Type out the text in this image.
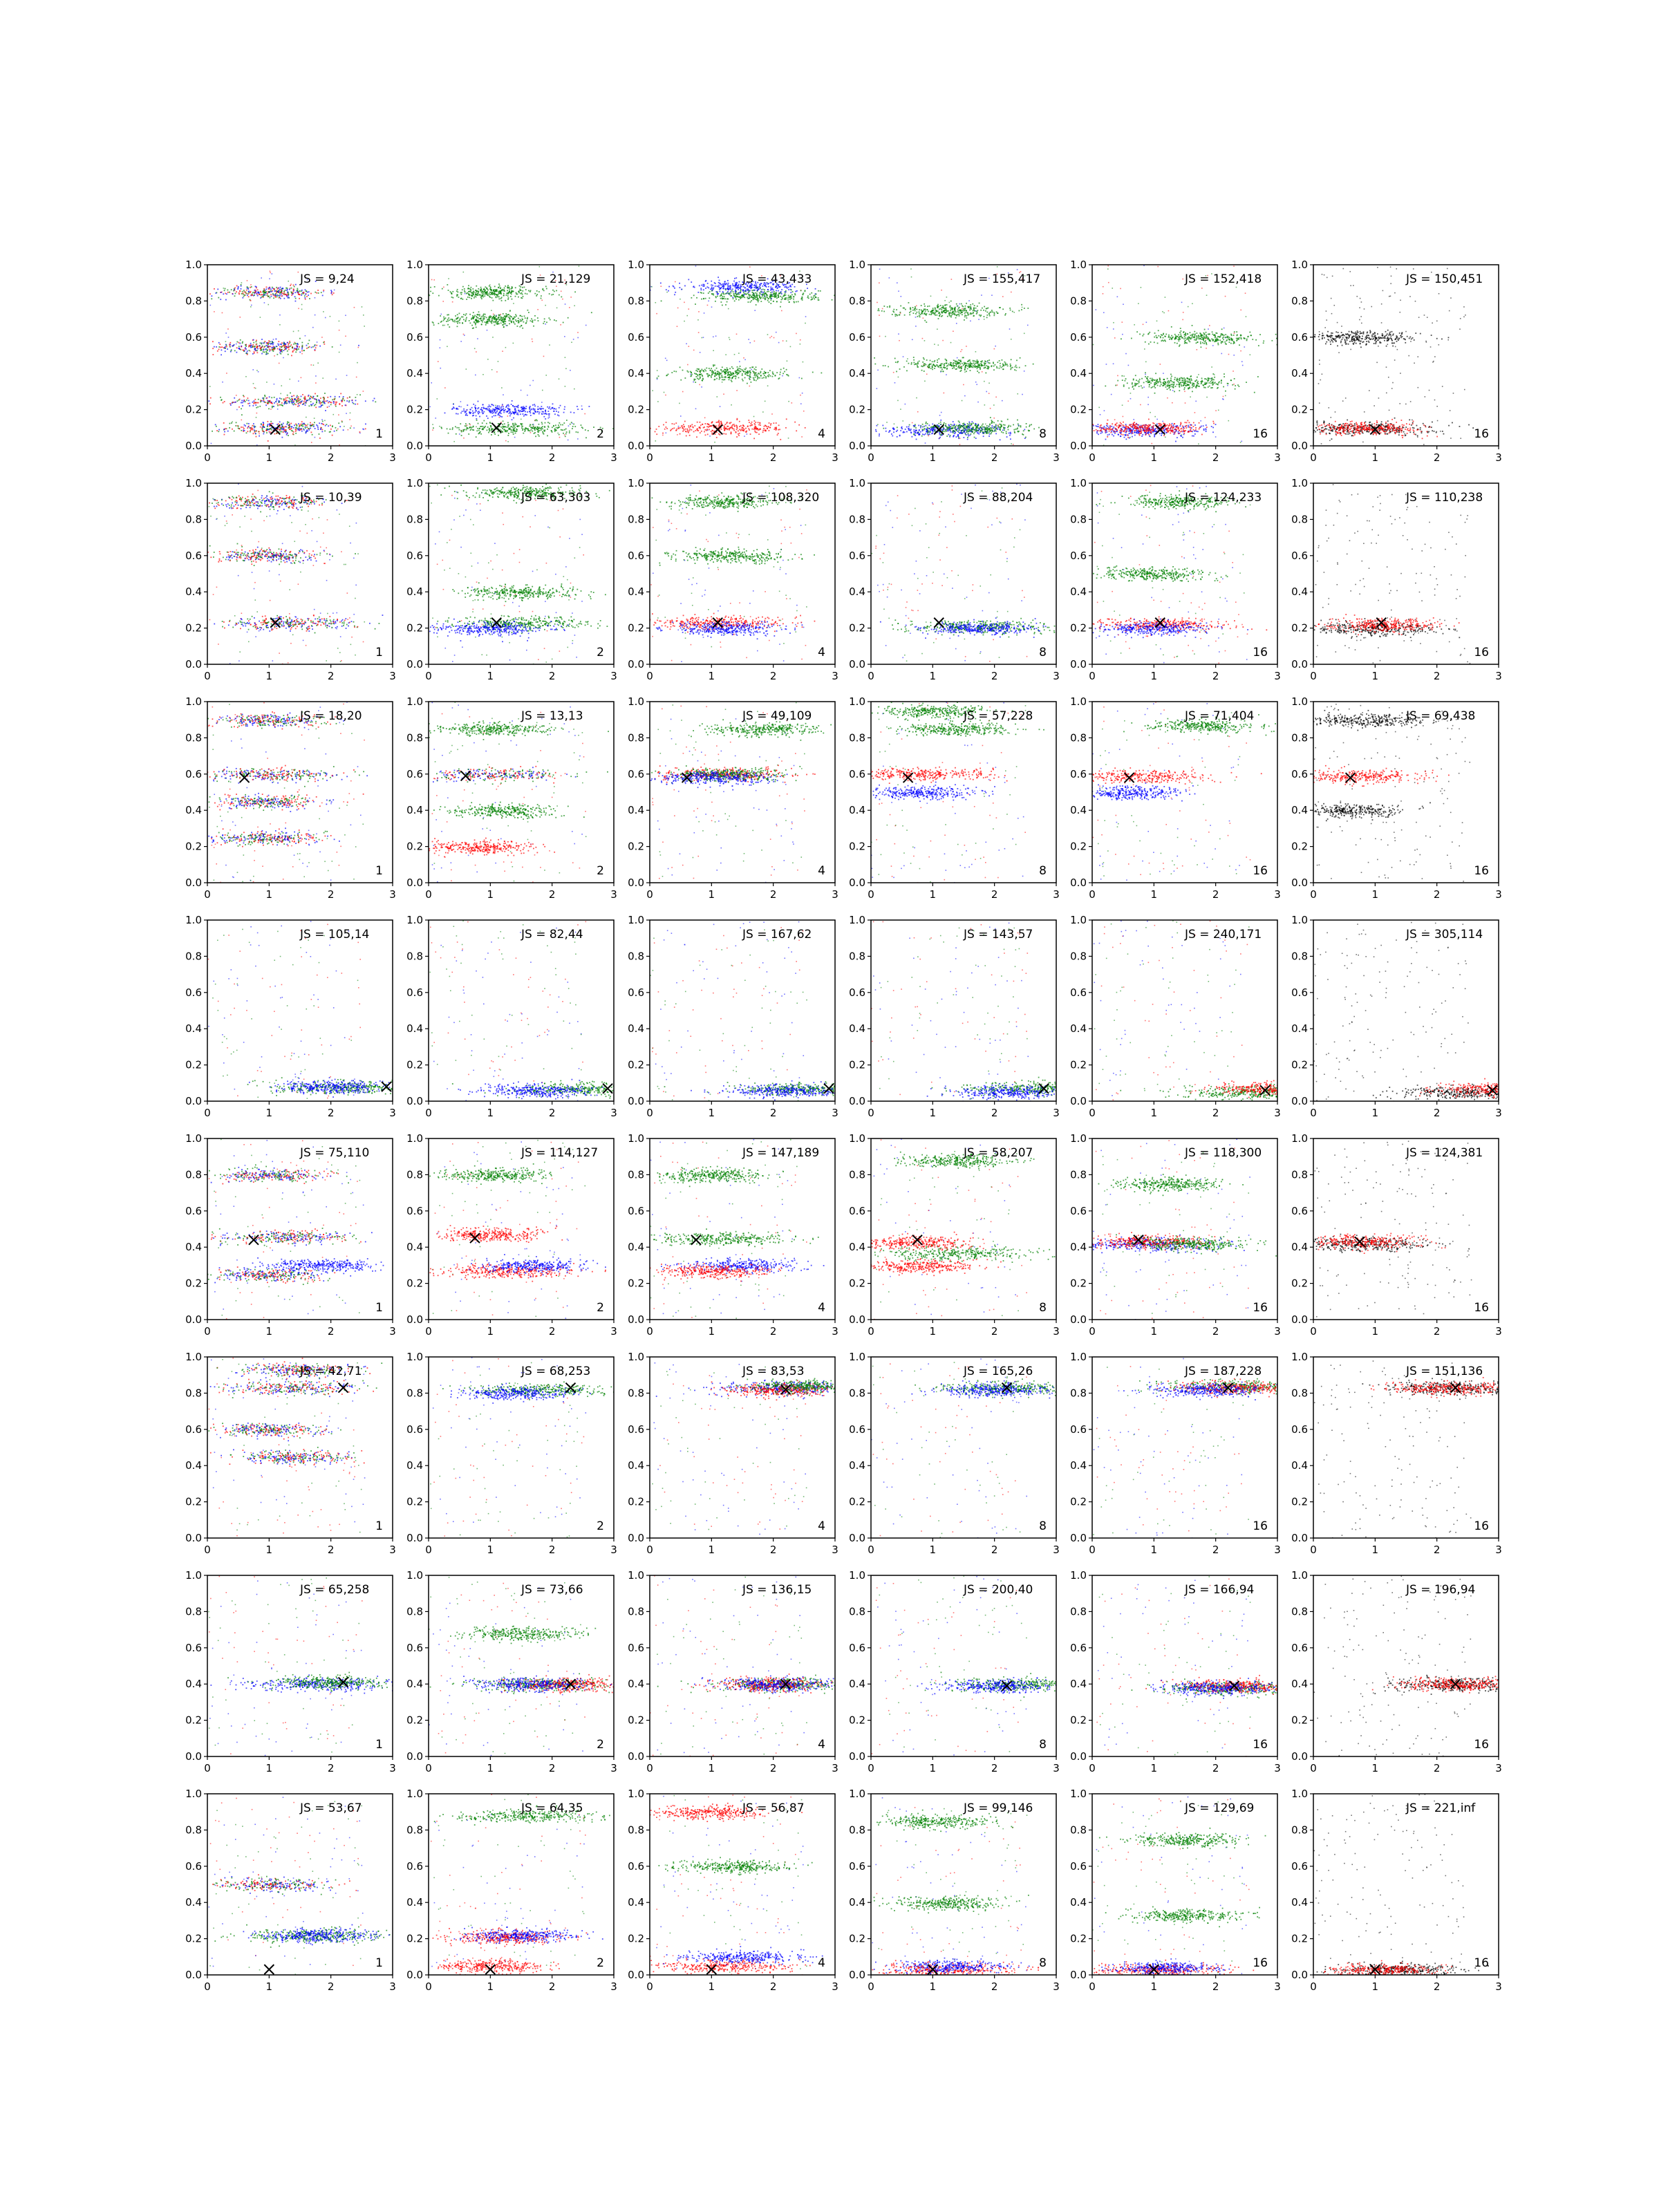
0	1	2	3
0.0
0.2
0.4
0.6
0.8
1.0
JS = 9,24
1
0	1	2	3
0.0
0.2
0.4
0.6
0.8
1.0
JS = 21,129
2
0	1	2	3
0.0
0.2
0.4
0.6
0.8
1.0
JS = 43,433
4
0	1	2	3
0.0
0.2
0.4
0.6
0.8
1.0
JS = 155,417
8
0	1	2	3
0.0
0.2
0.4
0.6
0.8
1.0
JS = 152,418
16
0	1	2	3
0.0
0.2
0.4
0.6
0.8
1.0
JS = 150,451
16
0	1	2	3
0.0
0.2
0.4
0.6
0.8
1.0
JS = 10,39
1
0	1	2	3
0.0
0.2
0.4
0.6
0.8
1.0
JS = 63,303
2
0	1	2	3
0.0
0.2
0.4
0.6
0.8
1.0
JS = 108,320
4
0	1	2	3
0.0
0.2
0.4
0.6
0.8
1.0
JS = 88,204
8
0	1	2	3
0.0
0.2
0.4
0.6
0.8
1.0
JS = 124,233
16
0	1	2	3
0.0
0.2
0.4
0.6
0.8
1.0
JS = 110,238
16
0	1	2	3
0.0
0.2
0.4
0.6
0.8
1.0
JS = 18,20
1
0	1	2	3
0.0
0.2
0.4
0.6
0.8
1.0
JS = 13,13
2
0	1	2	3
0.0
0.2
0.4
0.6
0.8
1.0
JS = 49,109
4
0	1	2	3
0.0
0.2
0.4
0.6
0.8
1.0
JS = 57,228
8
0	1	2	3
0.0
0.2
0.4
0.6
0.8
1.0
JS = 71,404
16
0	1	2	3
0.0
0.2
0.4
0.6
0.8
1.0
JS = 69,438
16
0	1	2	3
0.0
0.2
0.4
0.6
0.8
1.0
JS = 105,14
0	1	2	3
0.0
0.2
0.4
0.6
0.8
1.0
JS = 82,44
0	1	2	3
0.0
0.2
0.4
0.6
0.8
1.0
JS = 167,62
0	1	2	3
0.0
0.2
0.4
0.6
0.8
1.0
JS = 143,57
0	1	2	3
0.0
0.2
0.4
0.6
0.8
1.0
JS = 240,171
0	1	2	3
0.0
0.2
0.4
0.6
0.8
1.0
JS = 305,114
0	1	2	3
0.0
0.2
0.4
0.6
0.8
1.0
JS = 75,110
1
0	1	2	3
0.0
0.2
0.4
0.6
0.8
1.0
JS = 114,127
2
0	1	2	3
0.0
0.2
0.4
0.6
0.8
1.0
JS = 147,189
4
0	1	2	3
0.0
0.2
0.4
0.6
0.8
1.0
JS = 58,207
8
0	1	2	3
0.0
0.2
0.4
0.6
0.8
1.0
JS = 118,300
16
0	1	2	3
0.0
0.2
0.4
0.6
0.8
1.0
JS = 124,381
16
0	1	2	3
0.0
0.2
0.4
0.6
0.8
1.0
JS = 42,71
1
0	1	2	3
0.0
0.2
0.4
0.6
0.8
1.0
JS = 68,253
2
0	1	2	3
0.0
0.2
0.4
0.6
0.8
1.0
JS = 83,53
4
0	1	2	3
0.0
0.2
0.4
0.6
0.8
1.0
JS = 165,26
8
0	1	2	3
0.0
0.2
0.4
0.6
0.8
1.0
JS = 187,228
16
0	1	2	3
0.0
0.2
0.4
0.6
0.8
1.0
JS = 151,136
16
0	1	2	3
0.0
0.2
0.4
0.6
0.8
1.0
JS = 65,258
1
0	1	2	3
0.0
0.2
0.4
0.6
0.8
1.0
JS = 73,66
2
0	1	2	3
0.0
0.2
0.4
0.6
0.8
1.0
JS = 136,15
4
0	1	2	3
0.0
0.2
0.4
0.6
0.8
1.0
JS = 200,40
8
0	1	2	3
0.0
0.2
0.4
0.6
0.8
1.0
JS = 166,94
16
0	1	2	3
0.0
0.2
0.4
0.6
0.8
1.0
JS = 196,94
16
0	1	2	3
0.0
0.2
0.4
0.6
0.8
1.0
JS = 53,67
1
0	1	2	3
0.0
0.2
0.4
0.6
0.8
1.0
JS = 64,35
2
0	1	2	3
0.0
0.2
0.4
0.6
0.8
1.0
JS = 56,87
4
0	1	2	3
0.0
0.2
0.4
0.6
0.8
1.0
JS = 99,146
8
0	1	2	3
0.0
0.2
0.4
0.6
0.8
1.0
JS = 129,69
16
0	1	2	3
0.0
0.2
0.4
0.6
0.8
1.0
JS = 221,inf
16
